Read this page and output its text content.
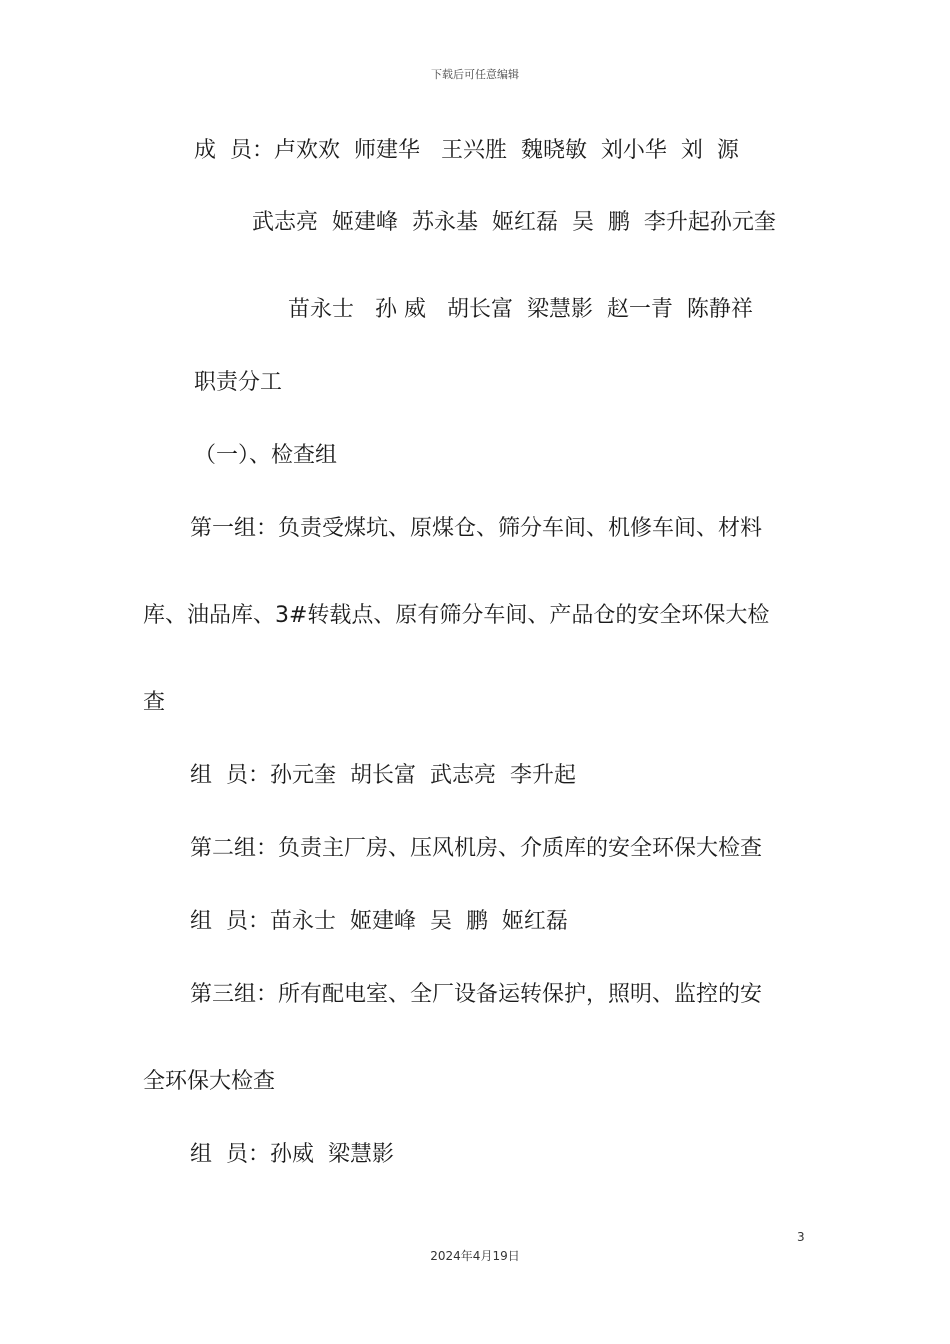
下载后可任意编辑
成  员：卢欢欢  师建华   王兴胜  魏晓敏  刘小华  刘  源
武志亮  姬建峰  苏永基  姬红磊  吴  鹏  李升起孙元奎
苗永士   孙 威   胡长富  梁慧影  赵一青  陈静祥
职责分工
（一）、检查组
第一组：负责受煤坑、原煤仓、筛分车间、机修车间、材料
库、油品库、3#转载点、原有筛分车间、产品仓的安全环保大检
查
组  员：孙元奎  胡长富  武志亮  李升起
第二组：负责主厂房、压风机房、介质库的安全环保大检查
组  员：苗永士  姬建峰  吴  鹏  姬红磊
第三组：所有配电室、全厂设备运转保护，照明、监控的安
全环保大检查
组  员：孙威  梁慧影
3
2024年4月19日
